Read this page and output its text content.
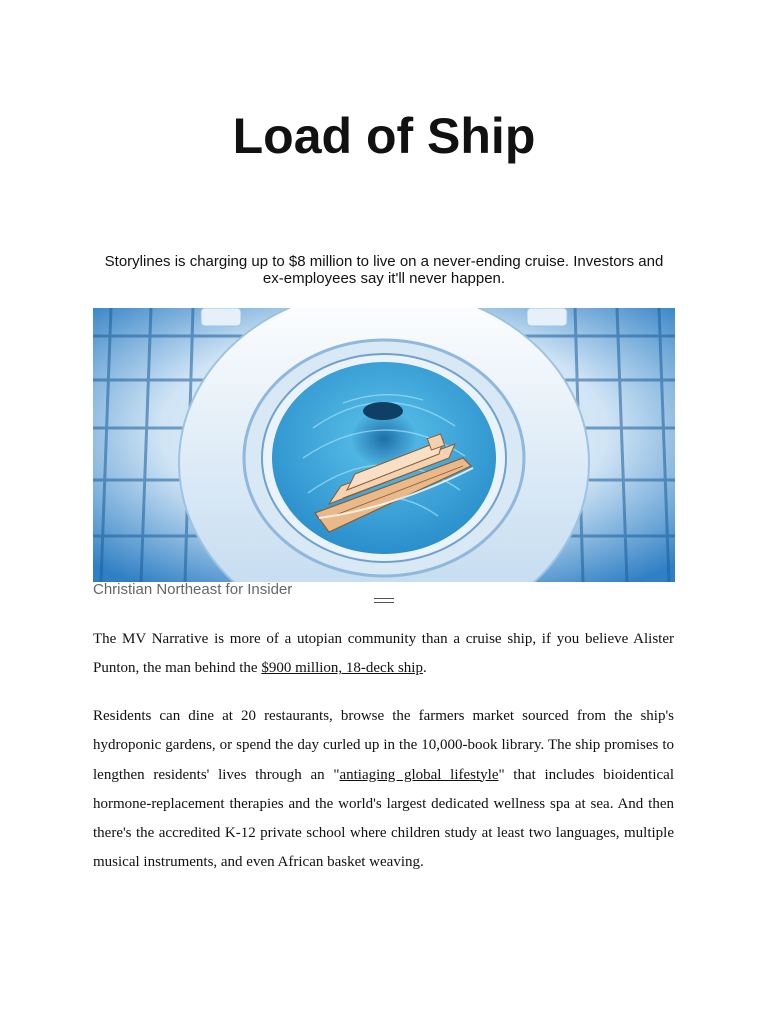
Load of Ship

Storylines is charging up to $8 million to live on a never-ending cruise. Investors and ex-employees say it'll never happen.

Christian Northeast for Insider

The MV Narrative is more of a utopian community than a cruise ship, if you believe Alister Punton, the man behind the $900 million, 18-deck ship.

Residents can dine at 20 restaurants, browse the farmers market sourced from the ship's hydroponic gardens, or spend the day curled up in the 10,000-book library. The ship promises to lengthen residents' lives through an "antiaging global lifestyle" that includes bioidentical hormone-replacement therapies and the world's largest dedicated wellness spa at sea. And then there's the accredited K-12 private school where children study at least two languages, multiple musical instruments, and even African basket weaving.
